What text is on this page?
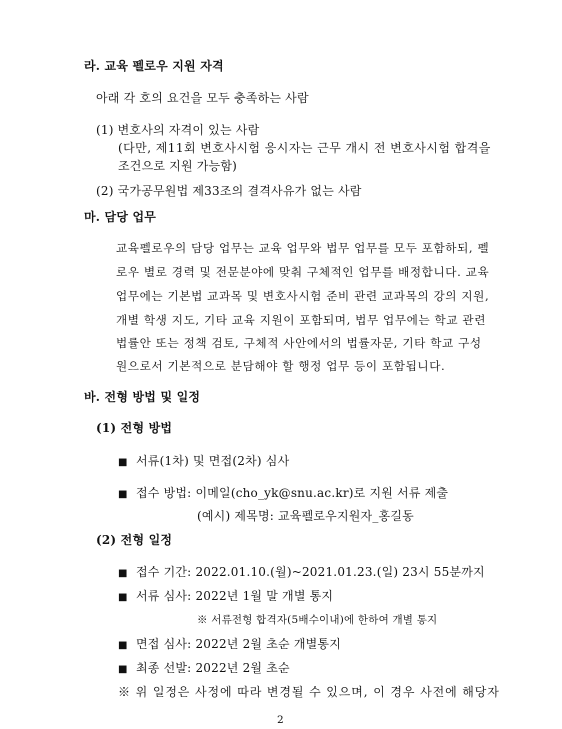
라. 교육 펠로우 지원 자격
아래 각 호의 요건을 모두 충족하는 사람
(1) 변호사의 자격이 있는 사람
(다만, 제11회 변호사시험 응시자는 근무 개시 전 변호사시험 합격을
조건으로 지원 가능함)
(2) 국가공무원법 제33조의 결격사유가 없는 사람
마. 담당 업무
교육펠로우의 담당 업무는 교육 업무와 법무 업무를 모두 포함하되, 펠
로우 별로 경력 및 전문분야에 맞춰 구체적인 업무를 배정합니다. 교육
업무에는 기본법 교과목 및 변호사시험 준비 관련 교과목의 강의 지원,
개별 학생 지도, 기타 교육 지원이 포함되며, 법무 업무에는 학교 관련
법률안 또는 정책 검토, 구체적 사안에서의 법률자문, 기타 학교 구성
원으로서 기본적으로 분담해야 할 행정 업무 등이 포함됩니다.
바. 전형 방법 및 일정
(1) 전형 방법
■ 서류(1차) 및 면접(2차) 심사
■ 접수 방법: 이메일(cho_yk@snu.ac.kr)로 지원 서류 제출
(예시) 제목명: 교육펠로우지원자_홍길동
(2) 전형 일정
■ 접수 기간: 2022.01.10.(월)~2021.01.23.(일) 23시 55분까지
■ 서류 심사: 2022년 1월 말 개별 통지
※ 서류전형 합격자(5배수이내)에 한하여 개별 통지
■ 면접 심사: 2022년 2월 초순 개별통지
■ 최종 선발: 2022년 2월 초순
※ 위 일정은 사정에 따라 변경될 수 있으며, 이 경우 사전에 해당자
2
